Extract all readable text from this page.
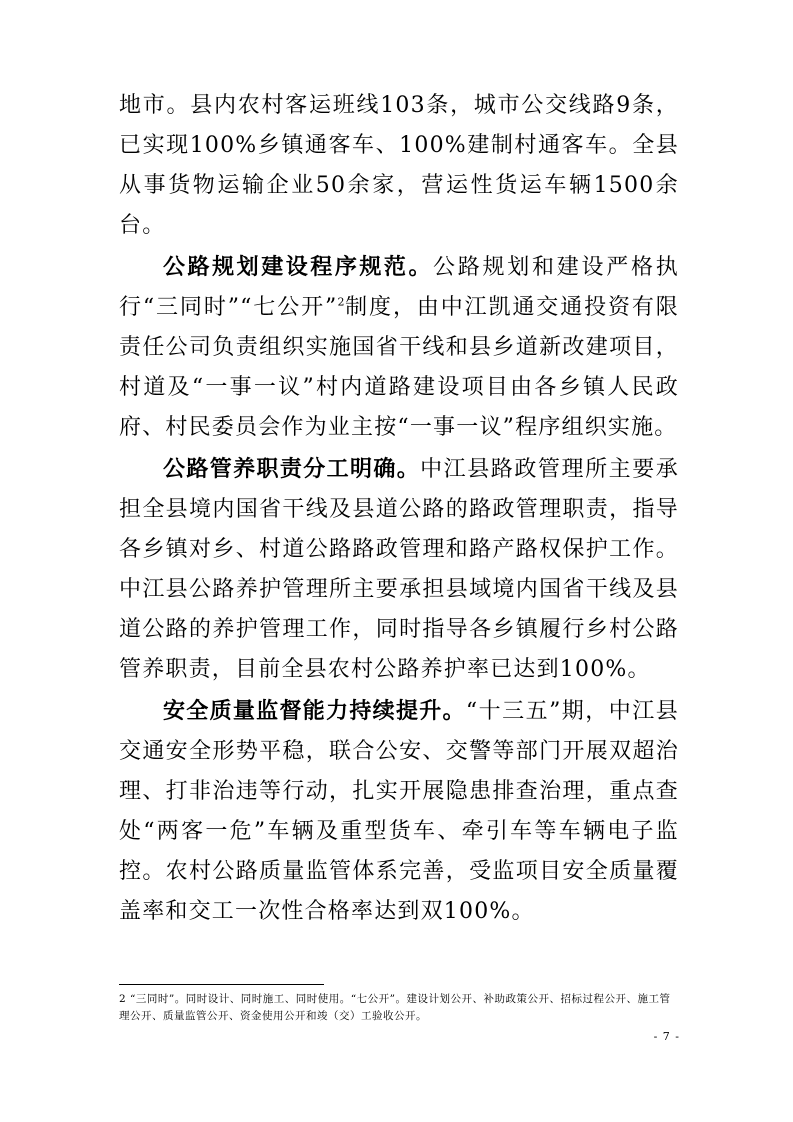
地市。县内农村客运班线103条，城市公交线路9条，已实现100%乡镇通客车、100%建制村通客车。全县从事货物运输企业50余家，营运性货运车辆1500余台。

公路规划建设程序规范。公路规划和建设严格执行“三同时”“七公开”$^2$制度，由中江凯通交通投资有限责任公司负责组织实施国省干线和县乡道新改建项目，村道及“一事一议”村内道路建设项目由各乡镇人民政府、村民委员会作为业主按“一事一议”程序组织实施。

公路管养职责分工明确。中江县路政管理所主要承担全县境内国省干线及县道公路的路政管理职责，指导各乡镇对乡、村道公路路政管理和路产路权保护工作。中江县公路养护管理所主要承担县域境内国省干线及县道公路的养护管理工作，同时指导各乡镇履行乡村公路管养职责，目前全县农村公路养护率已达到100%。

安全质量监督能力持续提升。“十三五”期，中江县交通安全形势平稳，联合公安、交警等部门开展双超治理、打非治违等行动，扎实开展隐患排查治理，重点查处“两客一危”车辆及重型货车、牵引车等车辆电子监控。农村公路质量监管体系完善，受监项目安全质量覆盖率和交工一次性合格率达到双100%。

2 “三同时”。同时设计、同时施工、同时使用。“七公开”。建设计划公开、补助政策公开、招标过程公开、施工管理公开、质量监管公开、资金使用公开和竣（交）工验收公开。

- 7 -
